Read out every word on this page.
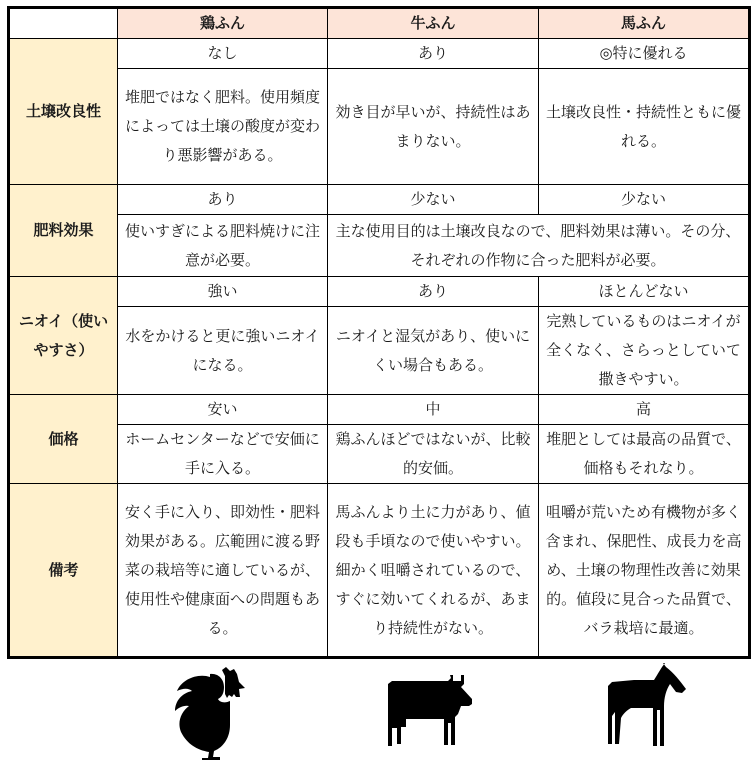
	鶏ふん	牛ふん	馬ふん
土壌改良性	なし	あり	◎特に優れる
	堆肥ではなく肥料。使用頻度によっては土壌の酸度が変わり悪影響がある。	効き目が早いが、持続性はあまりない。	土壌改良性・持続性ともに優れる。
肥料効果	あり	少ない	少ない
	使いすぎによる肥料焼けに注意が必要。	主な使用目的は土壌改良なので、肥料効果は薄い。その分、それぞれの作物に合った肥料が必要。	
ニオイ（使いやすさ）	強い	あり	ほとんどない
	水をかけると更に強いニオイになる。	ニオイと湿気があり、使いにくい場合もある。	完熟しているものはニオイが全くなく、さらっとしていて撒きやすい。
価格	安い	中	高
	ホームセンターなどで安価に手に入る。	鶏ふんほどではないが、比較的安価。	堆肥としては最高の品質で、価格もそれなり。
備考	安く手に入り、即効性・肥料効果がある。広範囲に渡る野菜の栽培等に適しているが、使用性や健康面への問題もある。	馬ふんより土に力があり、値段も手頃なので使いやすい。細かく咀嚼されているので、すぐに効いてくれるが、あまり持続性がない。	咀嚼が荒いため有機物が多く含まれ、保肥性、成長力を高め、土壌の物理性改善に効果的。値段に見合った品質で、バラ栽培に最適。
